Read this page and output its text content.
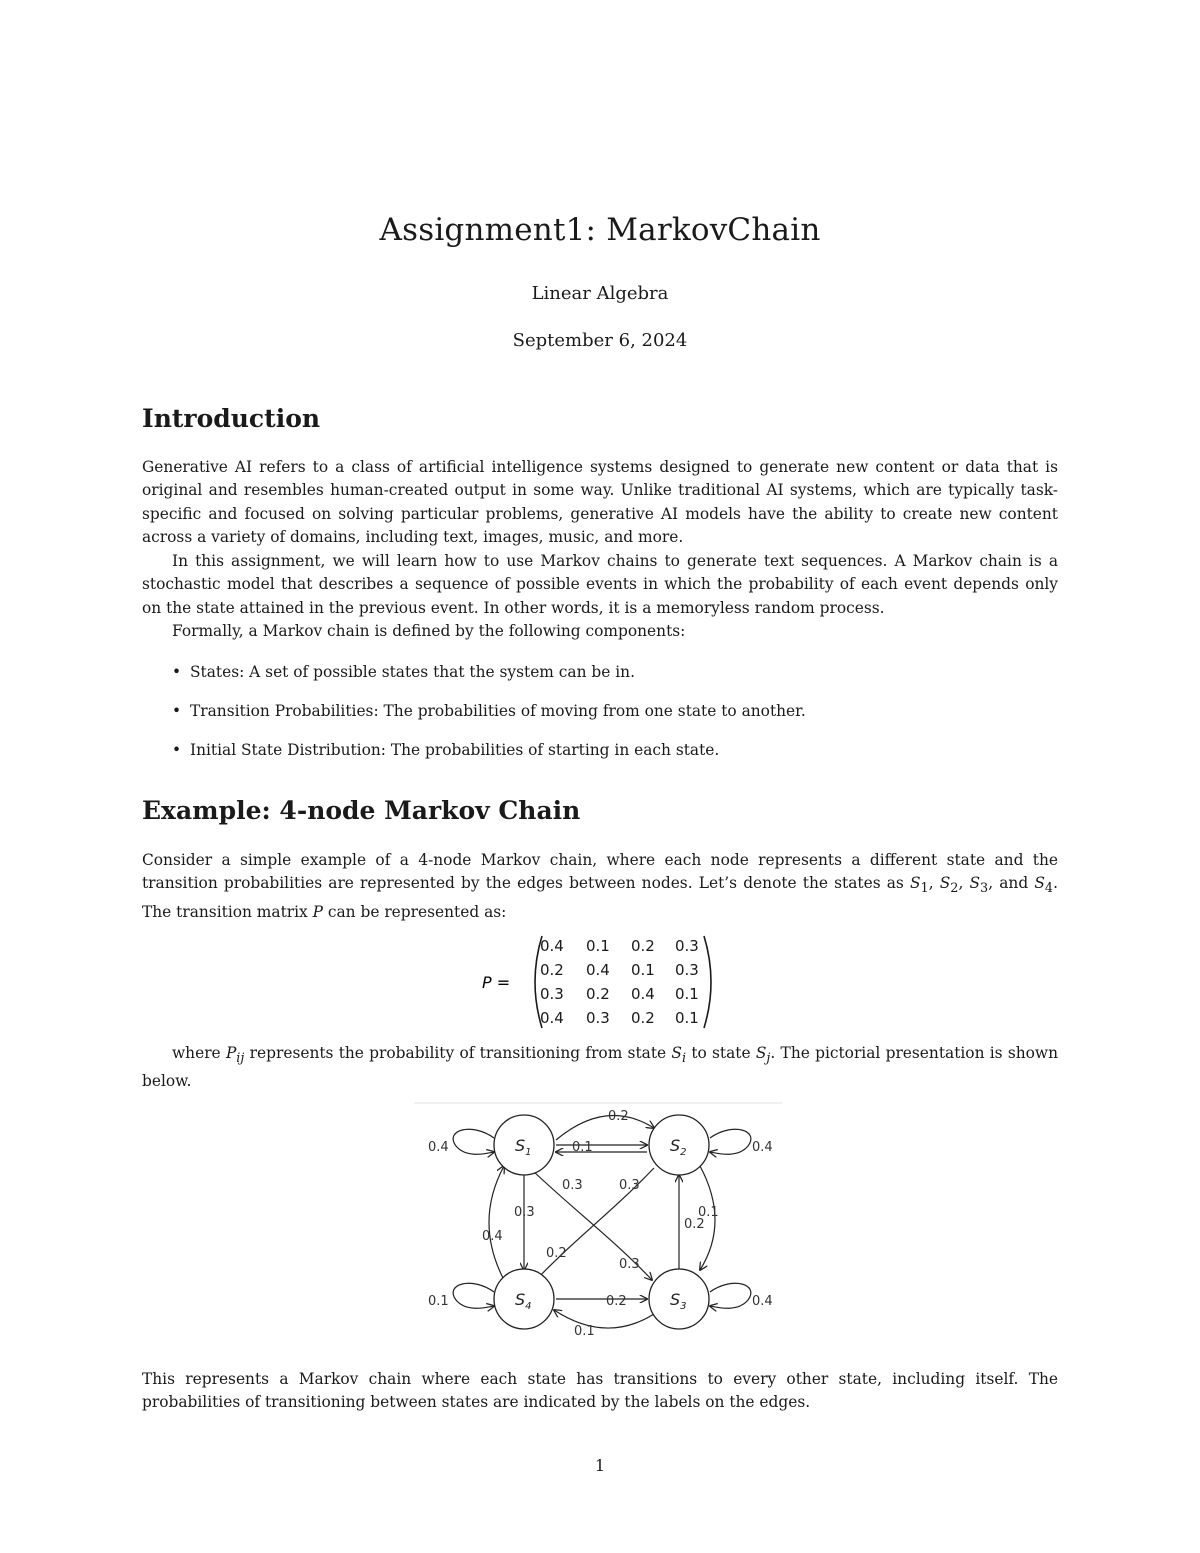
Assignment1: MarkovChain
Linear Algebra
September 6, 2024
Introduction
Generative AI refers to a class of artificial intelligence systems designed to generate new content or data that is original and resembles human-created output in some way. Unlike traditional AI systems, which are typically task-specific and focused on solving particular problems, generative AI models have the ability to create new content across a variety of domains, including text, images, music, and more.
In this assignment, we will learn how to use Markov chains to generate text sequences. A Markov chain is a stochastic model that describes a sequence of possible events in which the probability of each event depends only on the state attained in the previous event. In other words, it is a memoryless random process.
Formally, a Markov chain is defined by the following components:
• States: A set of possible states that the system can be in.
• Transition Probabilities: The probabilities of moving from one state to another.
• Initial State Distribution: The probabilities of starting in each state.
Example: 4-node Markov Chain
Consider a simple example of a 4-node Markov chain, where each node represents a different state and the transition probabilities are represented by the edges between nodes. Let’s denote the states as $S_1$, $S_2$, $S_3$, and $S_4$. The transition matrix P can be represented as:
P =
0.4 0.1 0.2 0.3
0.2 0.4 0.1 0.3
0.3 0.2 0.4 0.1
0.4 0.3 0.2 0.1
where $P_{ij}$ represents the probability of transitioning from state $S_i$ to state $S_j$. The pictorial presentation is shown below.
$S_1$	$S_2$
$S_4$	$S_3$
0.4	0.4
0.1	0.4
0.2
0.1
0.3	0.3
0.3
0.4
0.2
0.1
0.2
0.3
0.2
0.1
This represents a Markov chain where each state has transitions to every other state, including itself. The probabilities of transitioning between states are indicated by the labels on the edges.
1
